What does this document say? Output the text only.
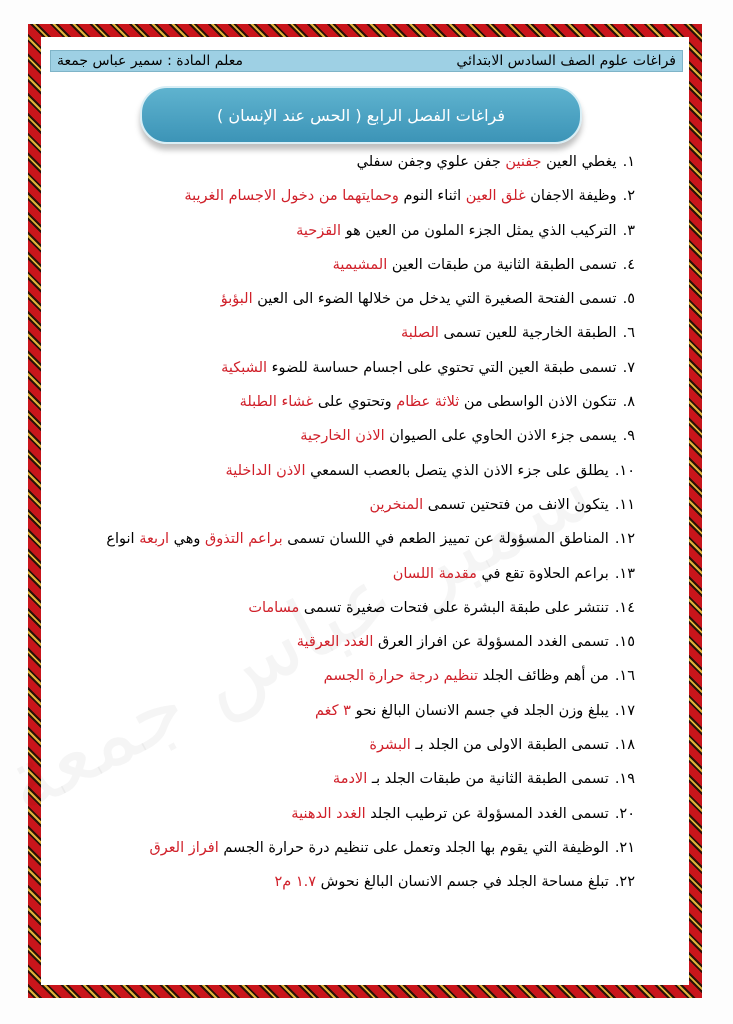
فراغات علوم الصف السادس الابتدائي
معلم المادة : سمير عباس جمعة
فراغات الفصل الرابع ( الحس عند الإنسان )
١.يغطي العين جفنين جفن علوي وجفن سفلي
٢.وظيفة الاجفان غلق العين اثناء النوم وحمايتهما من دخول الاجسام الغريبة
٣.التركيب الذي يمثل الجزء الملون من العين هو القزحية
٤.تسمى الطبقة الثانية من طبقات العين المشيمية
٥.تسمى الفتحة الصغيرة التي يدخل من خلالها الضوء الى العين البؤبؤ
٦.الطبقة الخارجية للعين تسمى الصلبة
٧.تسمى طبقة العين التي تحتوي على اجسام حساسة للضوء الشبكية
٨.تتكون الاذن الواسطى من ثلاثة عظام وتحتوي على غشاء الطبلة
٩.يسمى جزء الاذن الحاوي على الصيوان الاذن الخارجية
١٠.يطلق على جزء الاذن الذي يتصل بالعصب السمعي الاذن الداخلية
١١.يتكون الانف من فتحتين تسمى المنخرين
١٢.المناطق المسؤولة عن تمييز الطعم في اللسان تسمى براعم التذوق وهي اربعة انواع
١٣.براعم الحلاوة تقع في مقدمة اللسان
١٤.تنتشر على طبقة البشرة على فتحات صغيرة تسمى مسامات
١٥.تسمى الغدد المسؤولة عن افراز العرق الغدد العرقية
١٦.من أهم وظائف الجلد تنظيم درجة حرارة الجسم
١٧.يبلغ وزن الجلد في جسم الانسان البالغ نحو ٣ كغم
١٨.تسمى الطبقة الاولى من الجلد بـ البشرة
١٩.تسمى الطبقة الثانية من طبقات الجلد بـ الادمة
٢٠.تسمى الغدد المسؤولة عن ترطيب الجلد الغدد الدهنية
٢١.الوظيفة التي يقوم بها الجلد وتعمل على تنظيم درة حرارة الجسم افراز العرق
٢٢.تبلغ مساحة الجلد في جسم الانسان البالغ نحوش ١.٧ م٢
